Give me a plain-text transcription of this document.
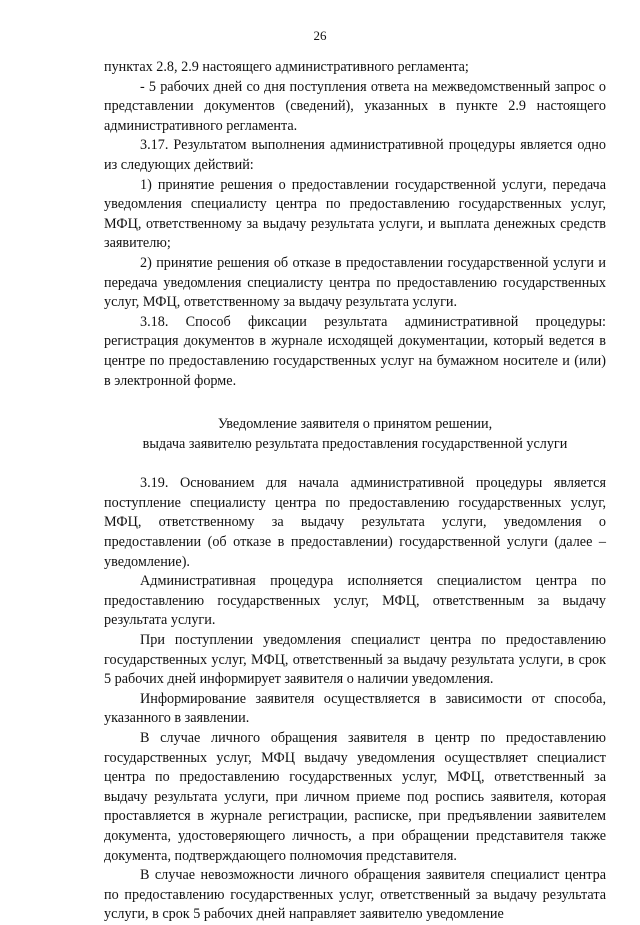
26

пунктах 2.8, 2.9 настоящего административного регламента;

- 5 рабочих дней со дня поступления ответа на межведомственный запрос о представлении документов (сведений), указанных в пункте 2.9 настоящего административного регламента.

3.17. Результатом выполнения административной процедуры является одно из следующих действий:

1) принятие решения о предоставлении государственной услуги, передача уведомления специалисту центра по предоставлению государственных услуг, МФЦ, ответственному за выдачу результата услуги, и выплата денежных средств заявителю;

2) принятие решения об отказе в предоставлении государственной услуги и передача уведомления специалисту центра по предоставлению государственных услуг, МФЦ, ответственному за выдачу результата услуги.

3.18. Способ фиксации результата административной процедуры: регистрация документов в журнале исходящей документации, который ведется в центре по предоставлению государственных услуг на бумажном носителе и (или) в электронной форме.

Уведомление заявителя о принятом решении,
выдача заявителю результата предоставления государственной услуги

3.19. Основанием для начала административной процедуры является поступление специалисту центра по предоставлению государственных услуг, МФЦ, ответственному за выдачу результата услуги, уведомления о предоставлении (об отказе в предоставлении) государственной услуги (далее – уведомление).

Административная процедура исполняется специалистом центра по предоставлению государственных услуг, МФЦ, ответственным за выдачу результата услуги.

При поступлении уведомления специалист центра по предоставлению государственных услуг, МФЦ, ответственный за выдачу результата услуги, в срок 5 рабочих дней информирует заявителя о наличии уведомления.

Информирование заявителя осуществляется в зависимости от способа, указанного в заявлении.

В случае личного обращения заявителя в центр по предоставлению государственных услуг, МФЦ выдачу уведомления осуществляет специалист центра по предоставлению государственных услуг, МФЦ, ответственный за выдачу результата услуги, при личном приеме под роспись заявителя, которая проставляется в журнале регистрации, расписке, при предъявлении заявителем документа, удостоверяющего личность, а при обращении представителя также документа, подтверждающего полномочия представителя.

В случае невозможности личного обращения заявителя специалист центра по предоставлению государственных услуг, ответственный за выдачу результата услуги, в срок 5 рабочих дней направляет заявителю уведомление
